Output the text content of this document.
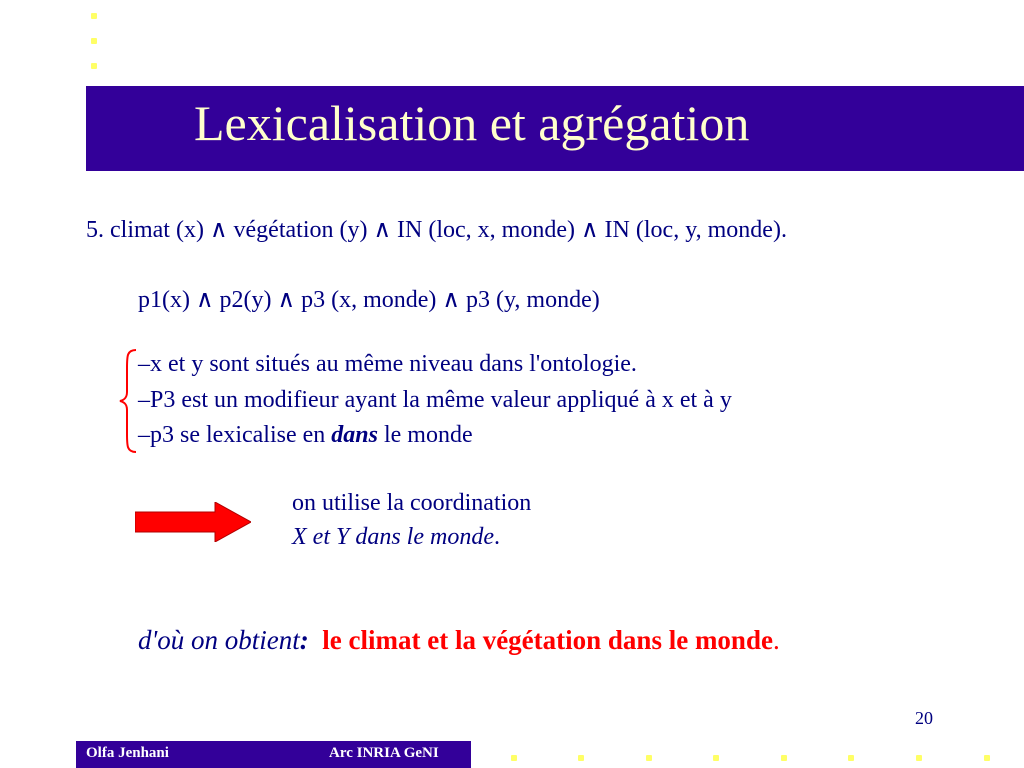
Lexicalisation et agrégation
5. climat (x) ∧ végétation (y) ∧ IN (loc, x, monde) ∧ IN (loc, y, monde).
p1(x) ∧ p2(y) ∧ p3 (x, monde) ∧ p3 (y, monde)
–x et y sont situés au même niveau dans l'ontologie.
–P3 est un modifieur ayant la même valeur appliqué à x et à y
–p3 se lexicalise en dans le monde
on utilise la coordination
X et Y dans le monde.
d'où on obtient: le climat et la végétation dans le monde.
20
Olfa Jenhani	Arc INRIA GeNI
